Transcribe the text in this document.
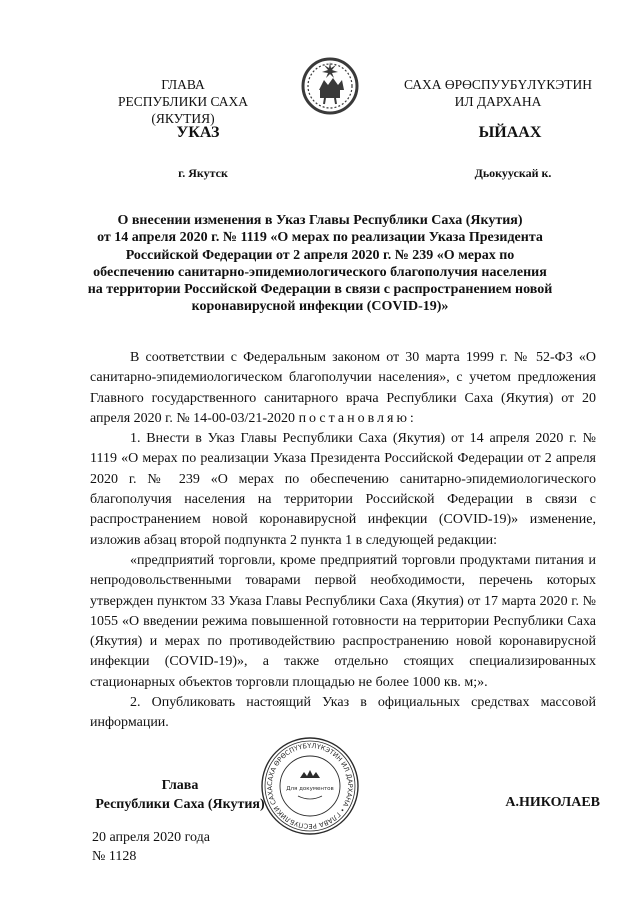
ГЛАВА
РЕСПУБЛИКИ САХА (ЯКУТИЯ)
САХА ӨРӨСПУУБҮЛҮКЭТИН
ИЛ ДАРХАНА
УКАЗ	ЫЙААХ
г. Якутск	Дьокуускай к.
О внесении изменения в Указ Главы Республики Саха (Якутия)
от 14 апреля 2020 г. № 1119 «О мерах по реализации Указа Президента
Российской Федерации от 2 апреля 2020 г. № 239 «О мерах по
обеспечению санитарно-эпидемиологического благополучия населения
на территории Российской Федерации в связи с распространением новой
коронавирусной инфекции (COVID-19)»

В соответствии с Федеральным законом от 30 марта 1999 г. № 52-ФЗ «О санитарно-эпидемиологическом благополучии населения», с учетом предложения Главного государственного санитарного врача Республики Саха (Якутия) от 20 апреля 2020 г. № 14-00-03/21-2020 постановляю:

1. Внести в Указ Главы Республики Саха (Якутия) от 14 апреля 2020 г. № 1119 «О мерах по реализации Указа Президента Российской Федерации от 2 апреля 2020 г. № 239 «О мерах по обеспечению санитарно-эпидемиологического благополучия населения на территории Российской Федерации в связи с распространением новой коронавирусной инфекции (COVID-19)» изменение, изложив абзац второй подпункта 2 пункта 1 в следующей редакции:

«предприятий торговли, кроме предприятий торговли продуктами питания и непродовольственными товарами первой необходимости, перечень которых утвержден пунктом 33 Указа Главы Республики Саха (Якутия) от 17 марта 2020 г. № 1055 «О введении режима повышенной готовности на территории Республики Саха (Якутия) и мерах по противодействию распространению новой коронавирусной инфекции (COVID-19)», а также отдельно стоящих специализированных стационарных объектов торговли площадью не более 1000 кв. м;».

2. Опубликовать настоящий Указ в официальных средствах массовой информации.

Глава
Республики Саха (Якутия)	А.НИКОЛАЕВ
САХА ӨРӨСПҮҮБҮЛҮКЭТИН ИЛ ДАРХАНА • ГЛАВА РЕСПУБЛИКИ САХА	Для документов
20 апреля 2020 года
№ 1128
